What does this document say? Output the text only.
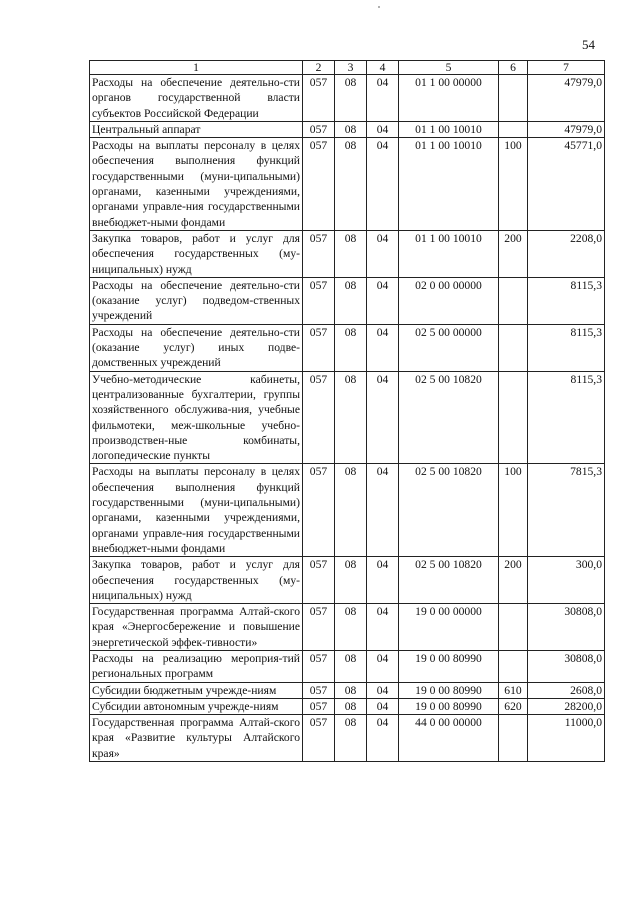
54
1	2	3	4	5	6	7
Расходы на обеспечение деятельно-сти органов государственной власти субъектов Российской Федерации	057	08	04	01 1 00 00000		47979,0
Центральный аппарат	057	08	04	01 1 00 10010		47979,0
Расходы на выплаты персоналу в целях обеспечения выполнения функций государственными (муни-ципальными) органами, казенными учреждениями, органами управле-ния государственными внебюджет-ными фондами	057	08	04	01 1 00 10010	100	45771,0
Закупка товаров, работ и услуг для обеспечения государственных (му-ниципальных) нужд	057	08	04	01 1 00 10010	200	2208,0
Расходы на обеспечение деятельно-сти (оказание услуг) подведом-ственных учреждений	057	08	04	02 0 00 00000		8115,3
Расходы на обеспечение деятельно-сти (оказание услуг) иных подве-домственных учреждений	057	08	04	02 5 00 00000		8115,3
Учебно-методические кабинеты, централизованные бухгалтерии, группы хозяйственного обслужива-ния, учебные фильмотеки, меж-школьные учебно-производствен-ные комбинаты, логопедические пункты	057	08	04	02 5 00 10820		8115,3
Расходы на выплаты персоналу в целях обеспечения выполнения функций государственными (муни-ципальными) органами, казенными учреждениями, органами управле-ния государственными внебюджет-ными фондами	057	08	04	02 5 00 10820	100	7815,3
Закупка товаров, работ и услуг для обеспечения государственных (му-ниципальных) нужд	057	08	04	02 5 00 10820	200	300,0
Государственная программа Алтай-ского края «Энергосбережение и повышение энергетической эффек-тивности»	057	08	04	19 0 00 00000		30808,0
Расходы на реализацию мероприя-тий региональных программ	057	08	04	19 0 00 80990		30808,0
Субсидии бюджетным учрежде-ниям	057	08	04	19 0 00 80990	610	2608,0
Субсидии автономным учрежде-ниям	057	08	04	19 0 00 80990	620	28200,0
Государственная программа Алтай-ского края «Развитие культуры Алтайского края»	057	08	04	44 0 00 00000		11000,0
